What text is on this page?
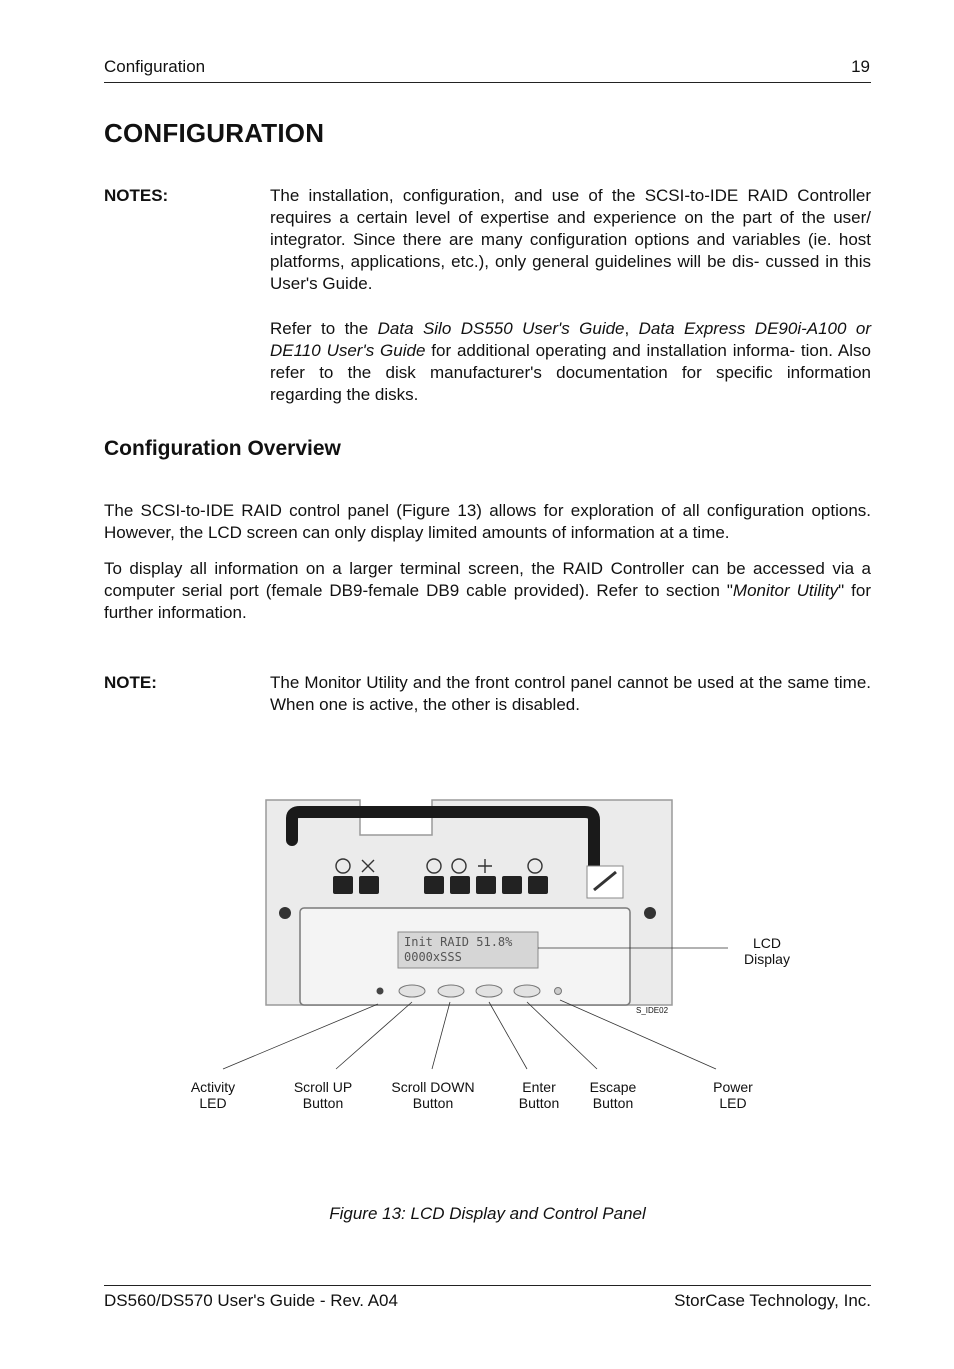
Configuration	19
CONFIGURATION
NOTES:	The installation, configuration, and use of the SCSI-to-IDE RAID Controller requires a certain level of expertise and experience on the part of the user/ integrator. Since there are many configuration options and variables (ie. host platforms, applications, etc.), only general guidelines will be dis- cussed in this User's Guide.
Refer to the Data Silo DS550 User's Guide, Data Express DE90i-A100 or DE110 User's Guide for additional operating and installation informa- tion. Also refer to the disk manufacturer's documentation for specific information regarding the disks.
Configuration Overview
The SCSI-to-IDE RAID control panel (Figure 13) allows for exploration of all configuration options. However, the LCD screen can only display limited amounts of information at a time.
To display all information on a larger terminal screen, the RAID Controller can be accessed via a computer serial port (female DB9-female DB9 cable provided). Refer to section "Monitor Utility" for further information.
NOTE:	The Monitor Utility and the front control panel cannot be used at the same time. When one is active, the other is disabled.
Init RAID 51.8%
0000xSSS
S_IDE02
LCD
Display
Activity
LED
Scroll UP
Button
Scroll DOWN
Button
Enter
Button
Escape
Button
Power
LED
Figure 13: LCD Display and Control Panel
DS560/DS570 User's Guide - Rev. A04	StorCase Technology, Inc.
